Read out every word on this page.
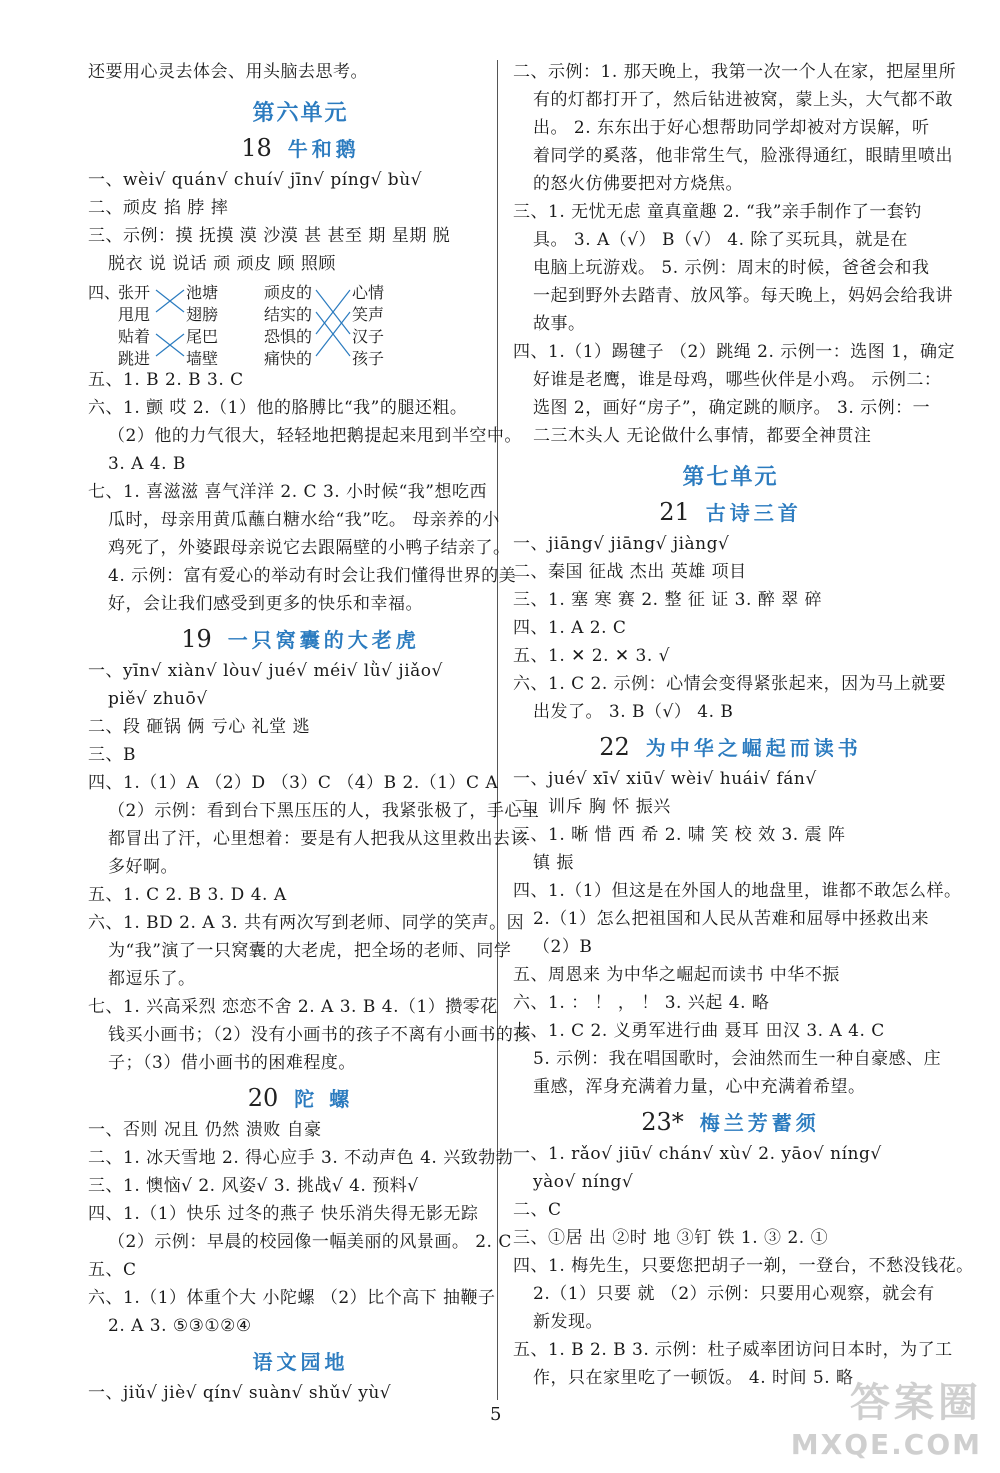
还要用心灵去体会、用头脑去思考。
第六单元
18 牛和鹅
一、wèi√ quán√ chuí√ jīn√ píng√ bù√
二、顽皮 掐 脖 摔
三、示例：摸 抚摸 漠 沙漠 甚 甚至 期 星期 脱
脱衣 说 说话 顽 顽皮 顾 照顾
四、
张开
甩甩
贴着
跳进
池塘
翅膀
尾巴
墙壁
顽皮的
结实的
恐惧的
痛快的
心情
笑声
汉子
孩子
五、1. B 2. B 3. C
六、1. 颤 哎 2.（1）他的胳膊比“我”的腿还粗。
（2）他的力气很大，轻轻地把鹅提起来甩到半空中。
3. A 4. B
七、1. 喜滋滋 喜气洋洋 2. C 3. 小时候“我”想吃西
瓜时，母亲用黄瓜蘸白糖水给“我”吃。 母亲养的小
鸡死了，外婆跟母亲说它去跟隔壁的小鸭子结亲了。
4. 示例：富有爱心的举动有时会让我们懂得世界的美
好，会让我们感受到更多的快乐和幸福。
19 一只窝囊的大老虎
一、yīn√ xiàn√ lòu√ jué√ méi√ lǜ√ jiǎo√
piě√ zhuō√
二、段 砸锅 俩 亏心 礼堂 逃
三、B
四、1.（1）A （2）D （3）C （4）B 2.（1）C A
（2）示例：看到台下黑压压的人，我紧张极了，手心里
都冒出了汗，心里想着：要是有人把我从这里救出去该
多好啊。
五、1. C 2. B 3. D 4. A
六、1. BD 2. A 3. 共有两次写到老师、同学的笑声。因
为“我”演了一只窝囊的大老虎，把全场的老师、同学
都逗乐了。
七、1. 兴高采烈 恋恋不舍 2. A 3. B 4.（1）攒零花
钱买小画书；（2）没有小画书的孩子不离有小画书的孩
子；（3）借小画书的困难程度。
20 陀 螺
一、否则 况且 仍然 溃败 自豪
二、1. 冰天雪地 2. 得心应手 3. 不动声色 4. 兴致勃勃
三、1. 懊恼√ 2. 风姿√ 3. 挑战√ 4. 预料√
四、1.（1）快乐 过冬的燕子 快乐消失得无影无踪
（2）示例：早晨的校园像一幅美丽的风景画。 2. C
五、C
六、1.（1）体重个大 小陀螺 （2）比个高下 抽鞭子
2. A 3. ⑤③①②④
语文园地
一、jiǔ√ jiè√ qín√ suàn√ shǔ√ yù√
二、示例：1. 那天晚上，我第一次一个人在家，把屋里所
有的灯都打开了，然后钻进被窝，蒙上头，大气都不敢
出。 2. 东东出于好心想帮助同学却被对方误解，听
着同学的奚落，他非常生气，脸涨得通红，眼睛里喷出
的怒火仿佛要把对方烧焦。
三、1. 无忧无虑 童真童趣 2. “我”亲手制作了一套钓
具。 3. A（√） B（√） 4. 除了买玩具，就是在
电脑上玩游戏。 5. 示例：周末的时候，爸爸会和我
一起到野外去踏青、放风筝。每天晚上，妈妈会给我讲
故事。
四、1.（1）踢毽子 （2）跳绳 2. 示例一：选图 1，确定
好谁是老鹰，谁是母鸡，哪些伙伴是小鸡。 示例二：
选图 2，画好“房子”，确定跳的顺序。 3. 示例：一
二三木头人 无论做什么事情，都要全神贯注
第七单元
21 古诗三首
一、jiāng√ jiāng√ jiàng√
二、秦国 征战 杰出 英雄 项目
三、1. 塞 寒 赛 2. 整 征 证 3. 醉 翠 碎
四、1. A 2. C
五、1. ✕ 2. ✕ 3. √
六、1. C 2. 示例：心情会变得紧张起来，因为马上就要
出发了。 3. B（√） 4. B
22 为中华之崛起而读书
一、jué√ xī√ xiū√ wèi√ huái√ fán√
二、训斥 胸 怀 振兴
三、1. 晰 惜 西 希 2. 啸 笑 校 效 3. 震 阵
镇 振
四、1.（1）但这是在外国人的地盘里，谁都不敢怎么样。
2.（1）怎么把祖国和人民从苦难和屈辱中拯救出来
（2）B
五、周恩来 为中华之崛起而读书 中华不振
六、1. ： ！ ， ！ 3. 兴起 4. 略
七、1. C 2. 义勇军进行曲 聂耳 田汉 3. A 4. C
5. 示例：我在唱国歌时，会油然而生一种自豪感、庄
重感，浑身充满着力量，心中充满着希望。
23* 梅兰芳蓄须
一、1. rǎo√ jiū√ chán√ xù√ 2. yāo√ níng√
yào√ níng√
二、C
三、①居 出 ②时 地 ③钉 铁 1. ③ 2. ①
四、1. 梅先生，只要您把胡子一剃，一登台，不愁没钱花。
2.（1）只要 就 （2）示例：只要用心观察，就会有
新发现。
五、1. B 2. B 3. 示例：杜子威率团访问日本时，为了工
作，只在家里吃了一顿饭。 4. 时间 5. 略
5	答案圈
MXQE.COM
